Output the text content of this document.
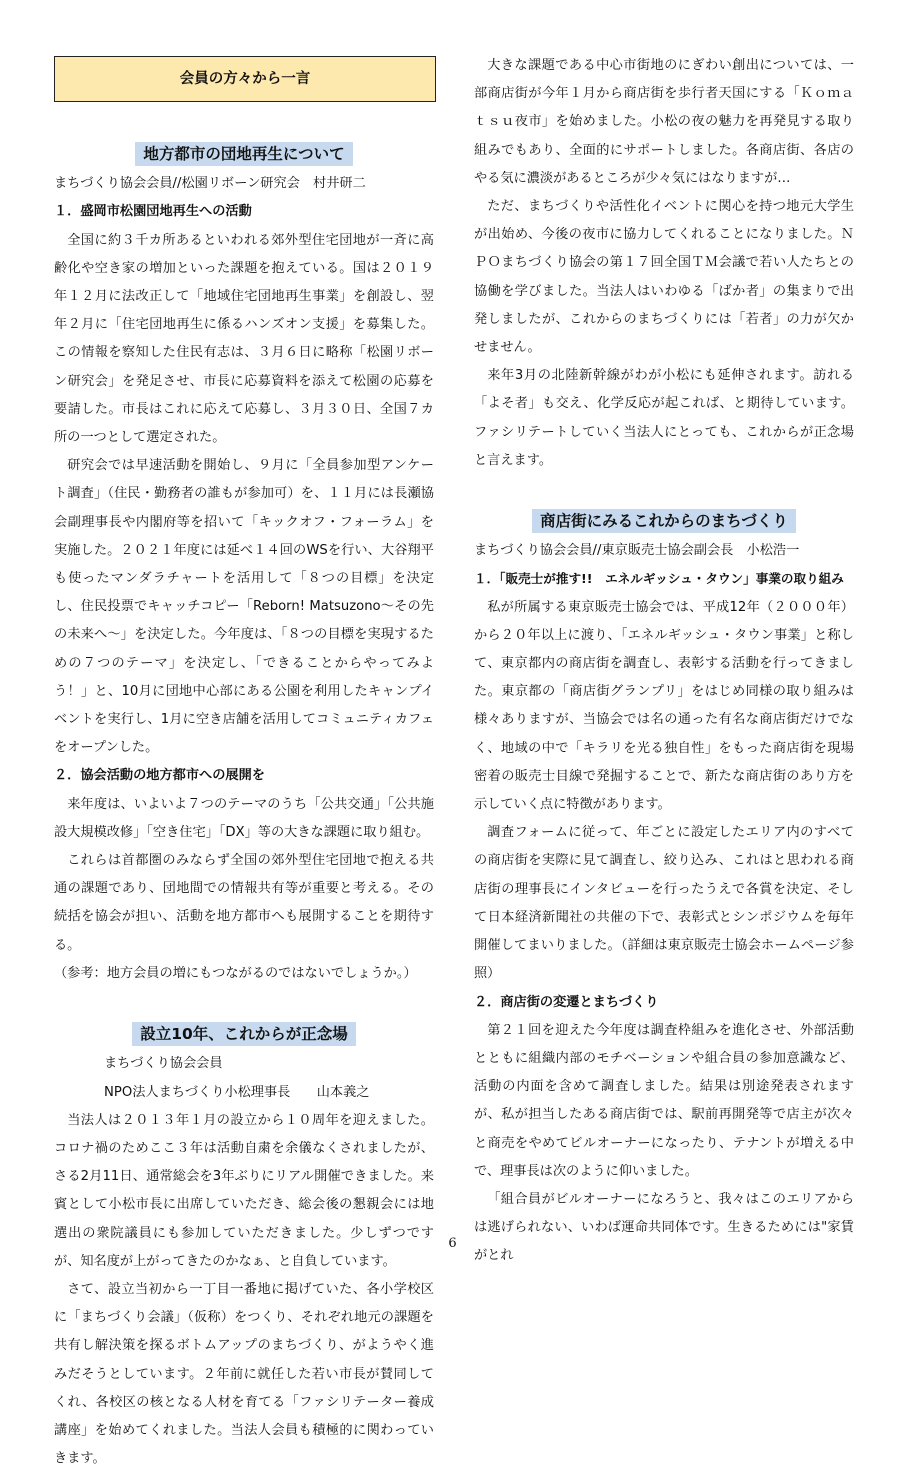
会員の方々から一言
地方都市の団地再生について

まちづくり協会会員//松園リボーン研究会　村井研二

１．盛岡市松園団地再生への活動

全国に約３千カ所あるといわれる郊外型住宅団地が一斉に高齢化や空き家の増加といった課題を抱えている。国は２０１９年１２月に法改正して「地域住宅団地再生事業」を創設し、翌年２月に「住宅団地再生に係るハンズオン支援」を募集した。この情報を察知した住民有志は、３月６日に略称「松園リボーン研究会」を発足させ、市長に応募資料を添えて松園の応募を要請した。市長はこれに応えて応募し、３月３０日、全国７カ所の一つとして選定された。

研究会では早速活動を開始し、９月に「全員参加型アンケート調査」（住民・勤務者の誰もが参加可）を、１１月には長瀬協会副理事長や内閣府等を招いて「キックオフ・フォーラム」を実施した。２０２１年度には延べ１４回のWSを行い、大谷翔平も使ったマンダラチャートを活用して「８つの目標」を決定し、住民投票でキャッチコピー「Reborn! Matsuzono〜その先の未来へ〜」を決定した。今年度は、「８つの目標を実現するための７つのテーマ」を決定し、「できることからやってみよう！」と、10月に団地中心部にある公園を利用したキャンプイベントを実行し、1月に空き店舗を活用してコミュニティカフェをオープンした。

２．協会活動の地方都市への展開を

来年度は、いよいよ７つのテーマのうち「公共交通」「公共施設大規模改修」「空き住宅」「DX」等の大きな課題に取り組む。

これらは首都圏のみならず全国の郊外型住宅団地で抱える共通の課題であり、団地間での情報共有等が重要と考える。その続括を協会が担い、活動を地方都市へも展開することを期待する。

（参考：地方会員の増にもつながるのではないでしょうか。）

設立10年、これからが正念場

まちづくり協会会員

NPO法人まちづくり小松理事長　　山本義之

当法人は２０１３年１月の設立から１０周年を迎えました。コロナ禍のためここ３年は活動自粛を余儀なくされましたが、さる2月11日、通常総会を3年ぶりにリアル開催できました。来賓として小松市長に出席していただき、総会後の懇親会には地選出の衆院議員にも参加していただきました。少しずつですが、知名度が上がってきたのかなぁ、と自負しています。

さて、設立当初から一丁目一番地に掲げていた、各小学校区に「まちづくり会議」（仮称）をつくり、それぞれ地元の課題を共有し解決策を探るボトムアップのまちづくり、がようやく進みだそうとしています。２年前に就任した若い市長が賛同してくれ、各校区の核となる人材を育てる「ファシリテーター養成講座」を始めてくれました。当法人会員も積極的に関わっていきます。

大きな課題である中心市街地のにぎわい創出については、一部商店街が今年１月から商店街を歩行者天国にする「Ｋｏｍａｔｓｕ夜市」を始めました。小松の夜の魅力を再発見する取り組みでもあり、全面的にサポートしました。各商店街、各店のやる気に濃淡があるところが少々気にはなりますが…

ただ、まちづくりや活性化イベントに関心を持つ地元大学生が出始め、今後の夜市に協力してくれることになりました。ＮＰＯまちづくり協会の第１７回全国ＴＭ会議で若い人たちとの協働を学びました。当法人はいわゆる「ばか者」の集まりで出発しましたが、これからのまちづくりには「若者」の力が欠かせません。

来年3月の北陸新幹線がわが小松にも延伸されます。訪れる「よそ者」も交え、化学反応が起これば、と期待しています。ファシリテートしていく当法人にとっても、これからが正念場と言えます。

商店街にみるこれからのまちづくり

まちづくり協会会員//東京販売士協会副会長　小松浩一

１．「販売士が推す!!　エネルギッシュ・タウン」事業の取り組み

私が所属する東京販売士協会では、平成12年（２０００年）から２０年以上に渡り、「エネルギッシュ・タウン事業」と称して、東京都内の商店街を調査し、表彰する活動を行ってきました。東京都の「商店街グランプリ」をはじめ同様の取り組みは様々ありますが、当協会では名の通った有名な商店街だけでなく、地域の中で「キラリを光る独自性」をもった商店街を現場密着の販売士目線で発掘することで、新たな商店街のあり方を示していく点に特徴があります。

調査フォームに従って、年ごとに設定したエリア内のすべての商店街を実際に見て調査し、絞り込み、これはと思われる商店街の理事長にインタビューを行ったうえで各賞を決定、そして日本経済新聞社の共催の下で、表彰式とシンポジウムを毎年開催してまいりました。（詳細は東京販売士協会ホームページ参照）

２．商店街の変遷とまちづくり

第２１回を迎えた今年度は調査枠組みを進化させ、外部活動とともに組織内部のモチベーションや組合員の参加意識など、活動の内面を含めて調査しました。結果は別途発表されますが、私が担当したある商店街では、駅前再開発等で店主が次々と商売をやめてビルオーナーになったり、テナントが増える中で、理事長は次のように仰いました。

「組合員がビルオーナーになろうと、我々はこのエリアからは逃げられない、いわば運命共同体です。生きるためには"家賃がとれ

6
